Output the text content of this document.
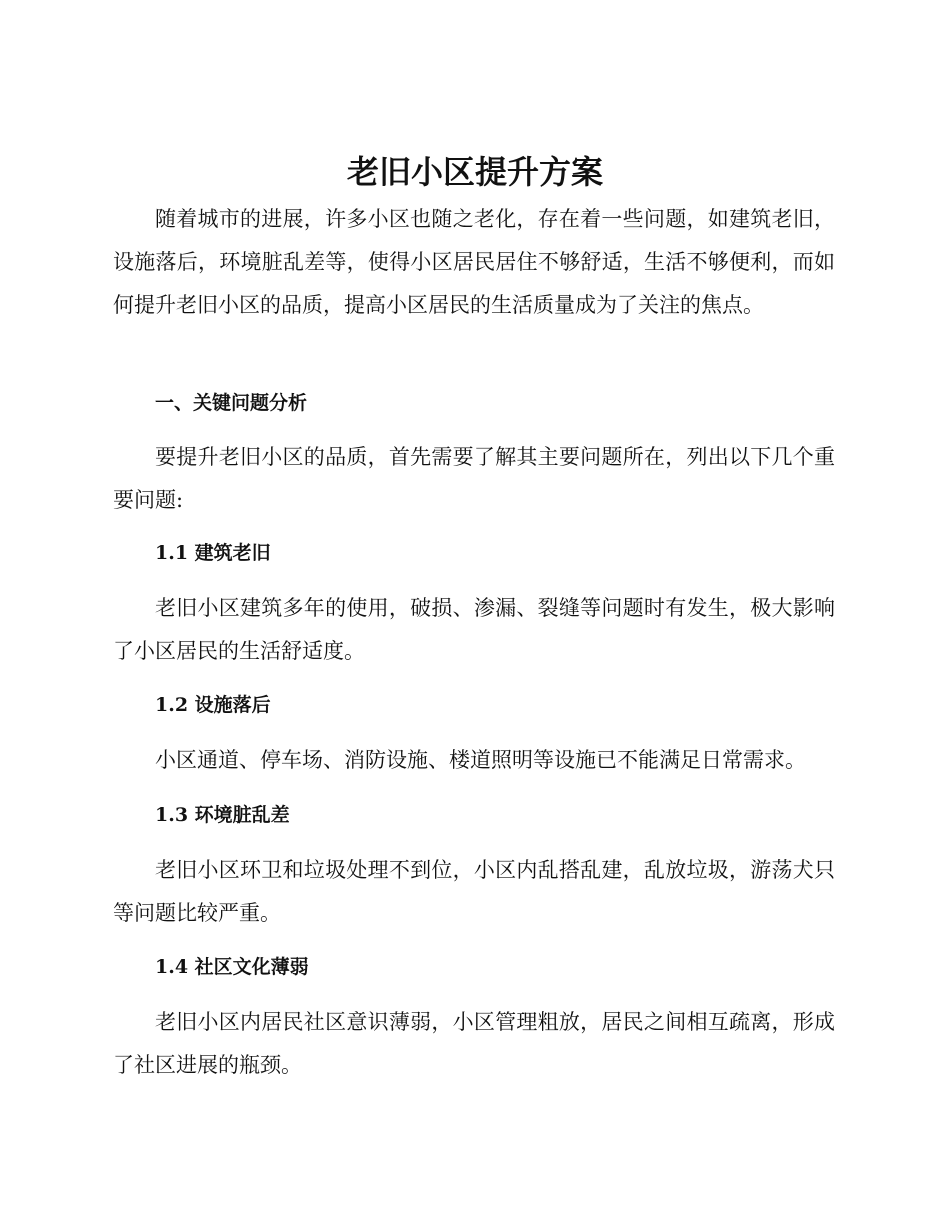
老旧小区提升方案

随着城市的进展，许多小区也随之老化，存在着一些问题，如建筑老旧，设施落后，环境脏乱差等，使得小区居民居住不够舒适，生活不够便利，而如何提升老旧小区的品质，提高小区居民的生活质量成为了关注的焦点。

一、关键问题分析

要提升老旧小区的品质，首先需要了解其主要问题所在，列出以下几个重要问题:

1.1 建筑老旧

老旧小区建筑多年的使用，破损、渗漏、裂缝等问题时有发生，极大影响了小区居民的生活舒适度。

1.2 设施落后

小区通道、停车场、消防设施、楼道照明等设施已不能满足日常需求。

1.3 环境脏乱差

老旧小区环卫和垃圾处理不到位，小区内乱搭乱建，乱放垃圾，游荡犬只等问题比较严重。

1.4 社区文化薄弱

老旧小区内居民社区意识薄弱，小区管理粗放，居民之间相互疏离，形成了社区进展的瓶颈。
